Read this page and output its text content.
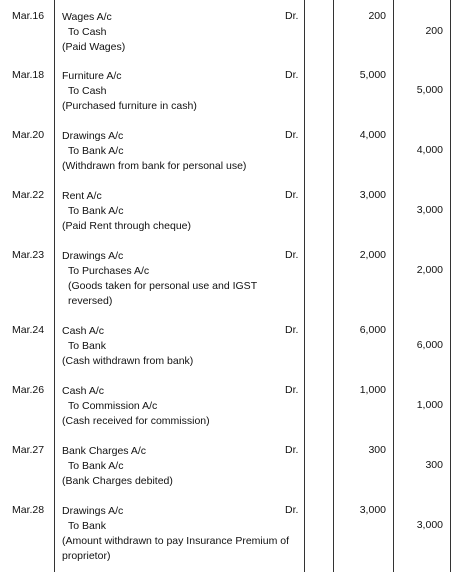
Mar.16 Wages A/c
To Cash
(Paid Wages)
Dr.	200
200
Mar.18 Furniture A/c
To Cash
(Purchased furniture in cash)
Dr.	5,000
5,000
Mar.20 Drawings A/c
To Bank A/c
(Withdrawn from bank for personal use)
Dr.	4,000
4,000
Mar.22 Rent A/c
To Bank A/c
(Paid Rent through cheque)
Dr.	3,000
3,000
Mar.23 Drawings A/c
To Purchases A/c
(Goods taken for personal use and IGST reversed)
Dr.	2,000
2,000
Mar.24 Cash A/c
To Bank
(Cash withdrawn from bank)
Dr.	6,000
6,000
Mar.26 Cash A/c
To Commission A/c
(Cash received for commission)
Dr.	1,000
1,000
Mar.27 Bank Charges A/c
To Bank A/c
(Bank Charges debited)
Dr.	300
300
Mar.28 Drawings A/c
To Bank
(Amount withdrawn to pay Insurance Premium of proprietor)
Dr.	3,000
3,000
